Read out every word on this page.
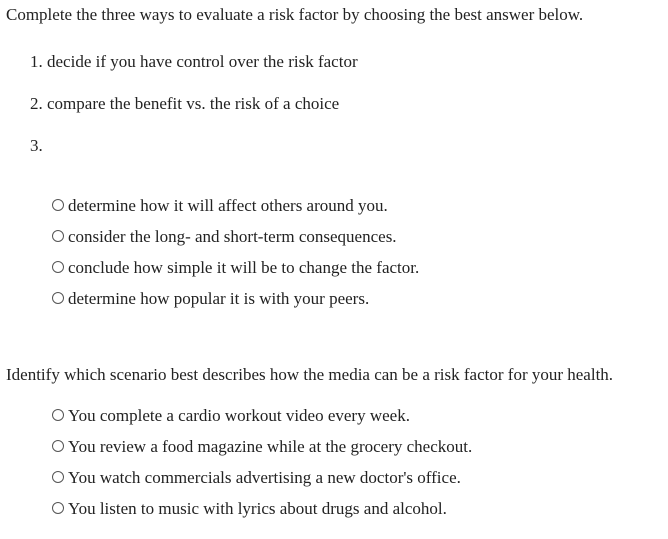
Complete the three ways to evaluate a risk factor by choosing the best answer below.
1. decide if you have control over the risk factor
2. compare the benefit vs. the risk of a choice
3.
determine how it will affect others around you.
consider the long- and short-term consequences.
conclude how simple it will be to change the factor.
determine how popular it is with your peers.
Identify which scenario best describes how the media can be a risk factor for your health.
You complete a cardio workout video every week.
You review a food magazine while at the grocery checkout.
You watch commercials advertising a new doctor's office.
You listen to music with lyrics about drugs and alcohol.
